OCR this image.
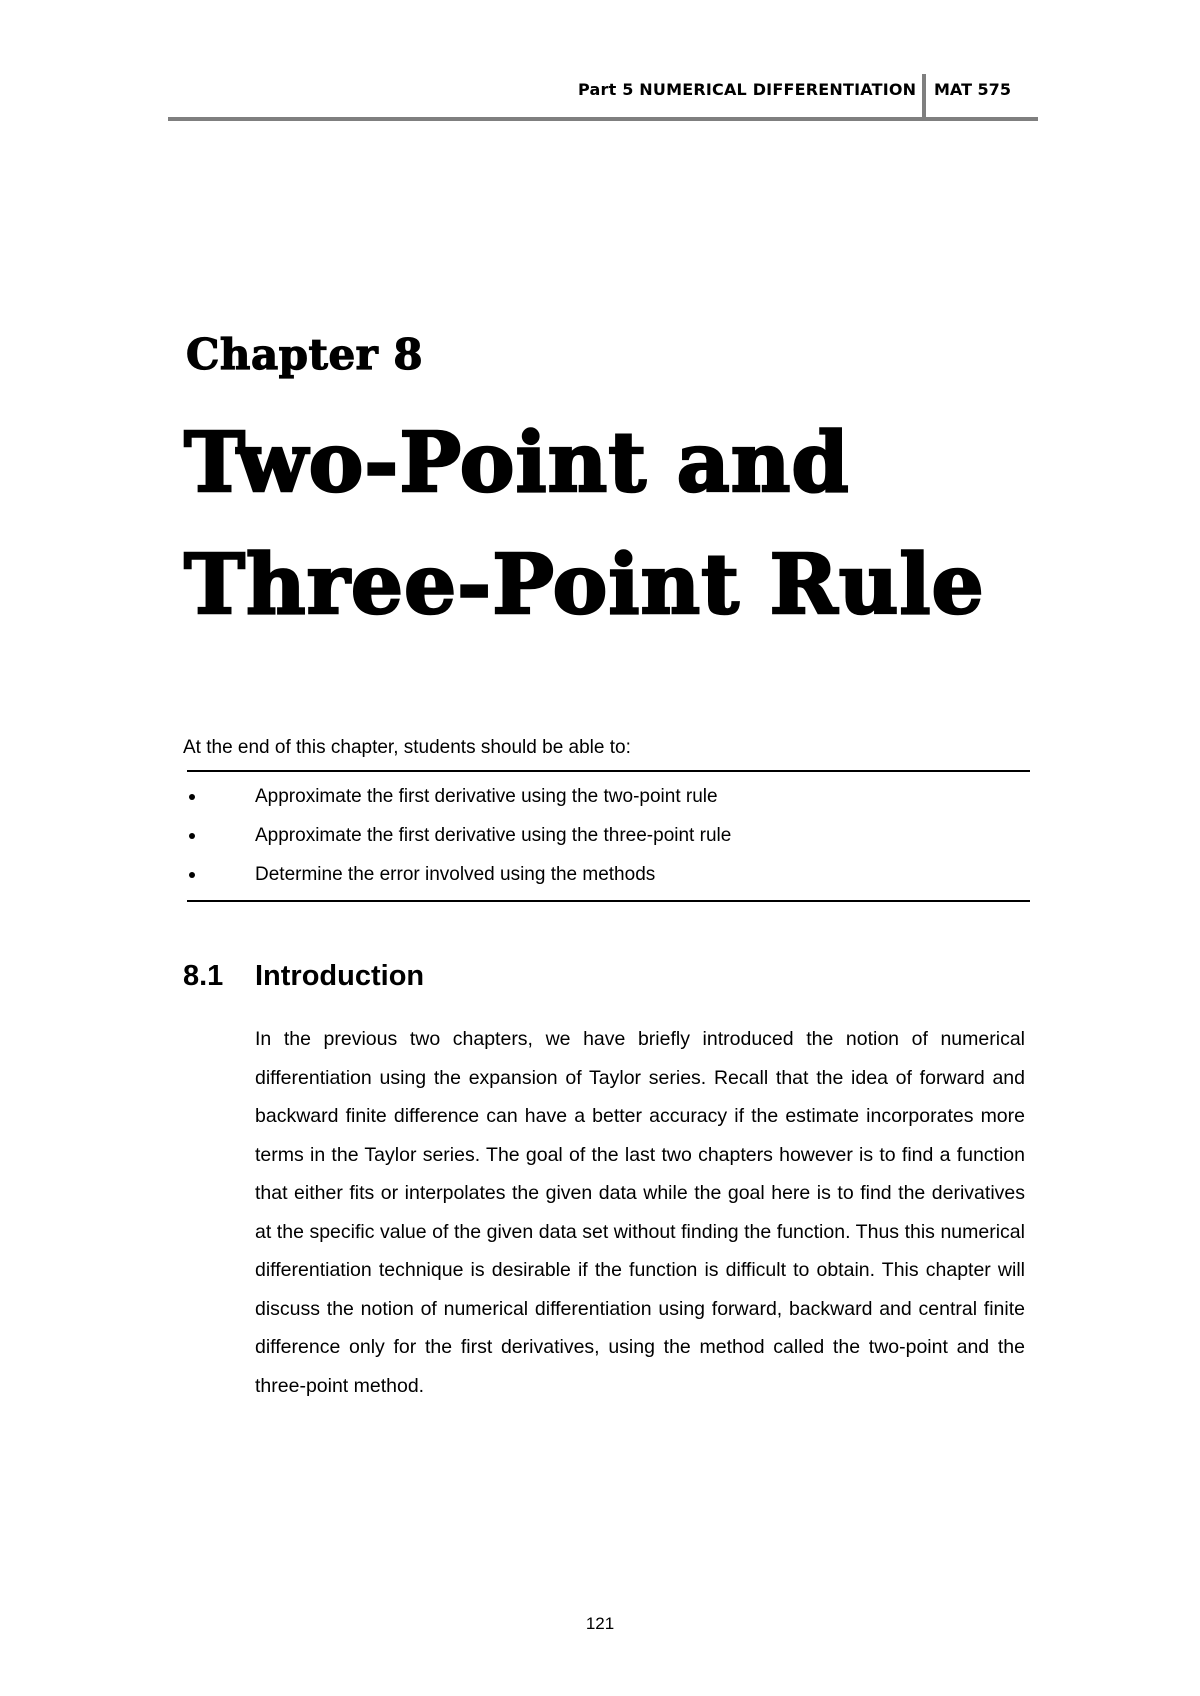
Part 5 NUMERICAL DIFFERENTIATION MAT 575
Chapter 8
Two-Point and Three-Point Rule
At the end of this chapter, students should be able to:
Approximate the first derivative using the two-point rule
Approximate the first derivative using the three-point rule
Determine the error involved using the methods
8.1 Introduction

In the previous two chapters, we have briefly introduced the notion of numerical differentiation using the expansion of Taylor series. Recall that the idea of forward and backward finite difference can have a better accuracy if the estimate incorporates more terms in the Taylor series. The goal of the last two chapters however is to find a function that either fits or interpolates the given data while the goal here is to find the derivatives at the specific value of the given data set without finding the function. Thus this numerical differentiation technique is desirable if the function is difficult to obtain. This chapter will discuss the notion of numerical differentiation using forward, backward and central finite difference only for the first derivatives, using the method called the two-point and the three-point method.

121
